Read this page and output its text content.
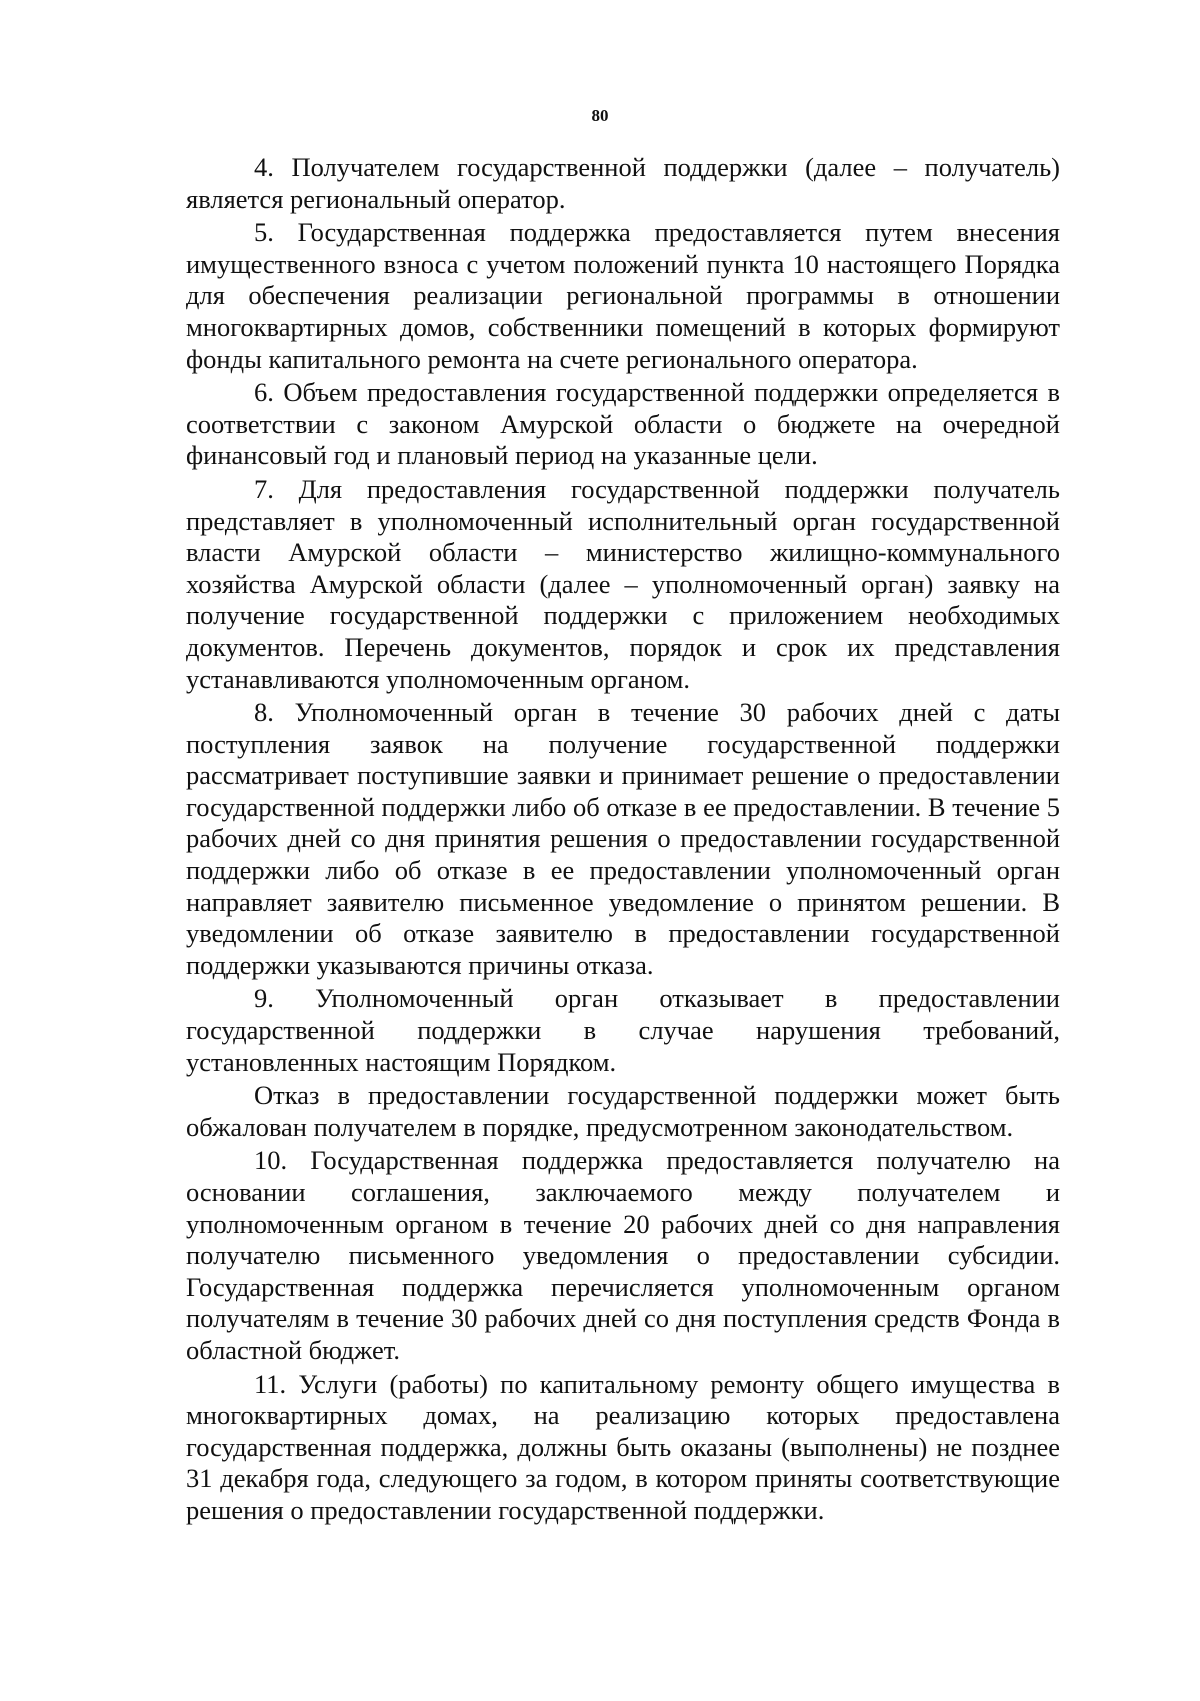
80

4. Получателем государственной поддержки (далее – получатель) является региональный оператор.

5. Государственная поддержка предоставляется путем внесения имущественного взноса с учетом положений пункта 10 настоящего Порядка для обеспечения реализации региональной программы в отношении многоквартирных домов, собственники помещений в которых формируют фонды капитального ремонта на счете регионального оператора.

6. Объем предоставления государственной поддержки определяется в соответствии с законом Амурской области о бюджете на очередной финансовый год и плановый период на указанные цели.

7. Для предоставления государственной поддержки получатель представляет в уполномоченный исполнительный орган государственной власти Амурской области – министерство жилищно-коммунального хозяйства Амурской области (далее – уполномоченный орган) заявку на получение государственной поддержки с приложением необходимых документов. Перечень документов, порядок и срок их представления устанавливаются уполномоченным органом.

8. Уполномоченный орган в течение 30 рабочих дней с даты поступления заявок на получение государственной поддержки рассматривает поступившие заявки и принимает решение о предоставлении государственной поддержки либо об отказе в ее предоставлении. В течение 5 рабочих дней со дня принятия решения о предоставлении государственной поддержки либо об отказе в ее предоставлении уполномоченный орган направляет заявителю письменное уведомление о принятом решении. В уведомлении об отказе заявителю в предоставлении государственной поддержки указываются причины отказа.

9. Уполномоченный орган отказывает в предоставлении государственной поддержки в случае нарушения требований, установленных настоящим Порядком.

Отказ в предоставлении государственной поддержки может быть обжалован получателем в порядке, предусмотренном законодательством.

10. Государственная поддержка предоставляется получателю на основании соглашения, заключаемого между получателем и уполномоченным органом в течение 20 рабочих дней со дня направления получателю письменного уведомления о предоставлении субсидии. Государственная поддержка перечисляется уполномоченным органом получателям в течение 30 рабочих дней со дня поступления средств Фонда в областной бюджет.

11. Услуги (работы) по капитальному ремонту общего имущества в многоквартирных домах, на реализацию которых предоставлена государственная поддержка, должны быть оказаны (выполнены) не позднее 31 декабря года, следующего за годом, в котором приняты соответствующие решения о предоставлении государственной поддержки.
